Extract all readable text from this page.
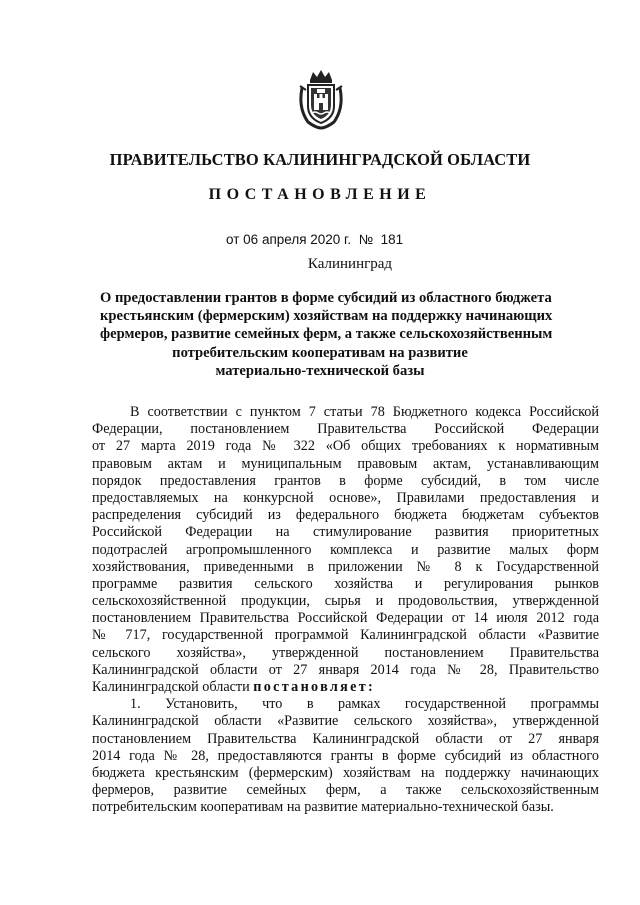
ПРАВИТЕЛЬСТВО КАЛИНИНГРАДСКОЙ ОБЛАСТИ
ПОСТАНОВЛЕНИЕ
от 06 апреля 2020 г. № 181
Калининград
О предоставлении грантов в форме субсидий из областного бюджета
крестьянским (фермерским) хозяйствам на поддержку начинающих
фермеров, развитие семейных ферм, а также сельскохозяйственным
потребительским кооперативам на развитие
материально-технической базы
В соответствии с пунктом 7 статьи 78 Бюджетного кодекса Российской
Федерации, постановлением Правительства Российской Федерации
от 27 марта 2019 года № 322 «Об общих требованиях к нормативным
правовым актам и муниципальным правовым актам, устанавливающим
порядок предоставления грантов в форме субсидий, в том числе
предоставляемых на конкурсной основе», Правилами предоставления и
распределения субсидий из федерального бюджета бюджетам субъектов
Российской Федерации на стимулирование развития приоритетных
подотраслей агропромышленного комплекса и развитие малых форм
хозяйствования, приведенными в приложении № 8 к Государственной
программе развития сельского хозяйства и регулирования рынков
сельскохозяйственной продукции, сырья и продовольствия, утвержденной
постановлением Правительства Российской Федерации от 14 июля 2012 года
№ 717, государственной программой Калининградской области «Развитие
сельского хозяйства», утвержденной постановлением Правительства
Калининградской области от 27 января 2014 года № 28, Правительство
Калининградской области постановляет:
1. Установить, что в рамках государственной программы
Калининградской области «Развитие сельского хозяйства», утвержденной
постановлением Правительства Калининградской области от 27 января
2014 года № 28, предоставляются гранты в форме субсидий из областного
бюджета крестьянским (фермерским) хозяйствам на поддержку начинающих
фермеров, развитие семейных ферм, а также сельскохозяйственным
потребительским кооперативам на развитие материально-технической базы.
